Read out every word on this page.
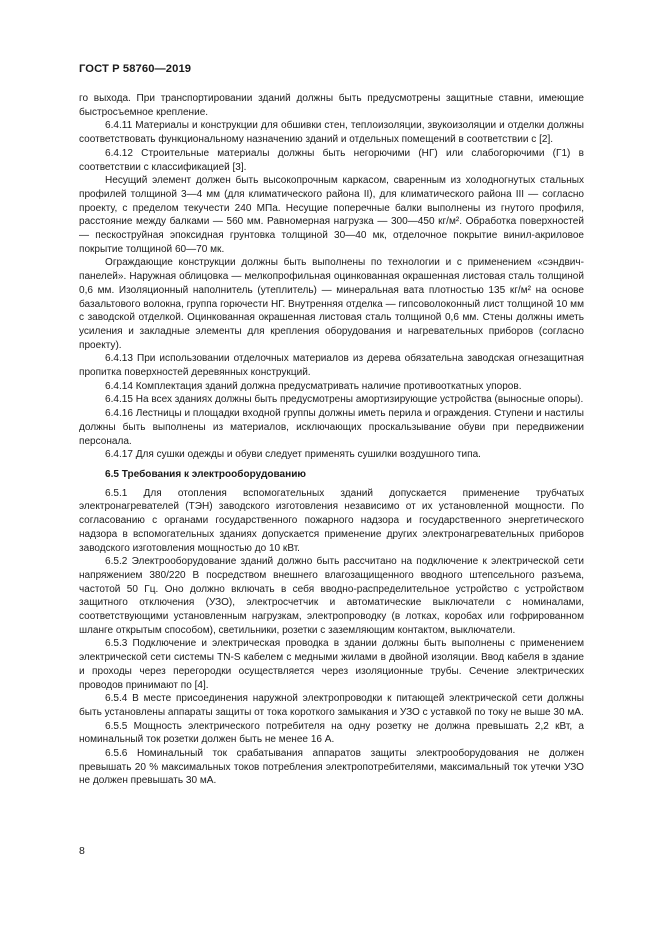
ГОСТ Р 58760—2019

го выхода. При транспортировании зданий должны быть предусмотрены защитные ставни, имеющие быстросъемное крепление.

6.4.11 Материалы и конструкции для обшивки стен, теплоизоляции, звукоизоляции и отделки должны соответствовать функциональному назначению зданий и отдельных помещений в соответствии с [2].

6.4.12 Строительные материалы должны быть негорючими (НГ) или слабогорючими (Г1) в соответствии с классификацией [3].

Несущий элемент должен быть высокопрочным каркасом, сваренным из холодногнутых стальных профилей толщиной 3—4 мм (для климатического района II), для климатического района III — согласно проекту, с пределом текучести 240 МПа. Несущие поперечные балки выполнены из гнутого профиля, расстояние между балками — 560 мм. Равномерная нагрузка — 300—450 кг/м². Обработка поверхностей — пескоструйная эпоксидная грунтовка толщиной 30—40 мк, отделочное покрытие винил-акриловое покрытие толщиной 60—70 мк.

Ограждающие конструкции должны быть выполнены по технологии и с применением «сэндвич-панелей». Наружная облицовка — мелкопрофильная оцинкованная окрашенная листовая сталь толщиной 0,6 мм. Изоляционный наполнитель (утеплитель) — минеральная вата плотностью 135 кг/м² на основе базальтового волокна, группа горючести НГ. Внутренняя отделка — гипсоволоконный лист толщиной 10 мм с заводской отделкой. Оцинкованная окрашенная листовая сталь толщиной 0,6 мм. Стены должны иметь усиления и закладные элементы для крепления оборудования и нагревательных приборов (согласно проекту).

6.4.13 При использовании отделочных материалов из дерева обязательна заводская огнезащитная пропитка поверхностей деревянных конструкций.

6.4.14 Комплектация зданий должна предусматривать наличие противооткатных упоров.

6.4.15 На всех зданиях должны быть предусмотрены амортизирующие устройства (выносные опоры).

6.4.16 Лестницы и площадки входной группы должны иметь перила и ограждения. Ступени и настилы должны быть выполнены из материалов, исключающих проскальзывание обуви при передвижении персонала.

6.4.17 Для сушки одежды и обуви следует применять сушилки воздушного типа.

6.5 Требования к электрооборудованию

6.5.1 Для отопления вспомогательных зданий допускается применение трубчатых электронагревателей (ТЭН) заводского изготовления независимо от их установленной мощности. По согласованию с органами государственного пожарного надзора и государственного энергетического надзора в вспомогательных зданиях допускается применение других электронагревательных приборов заводского изготовления мощностью до 10 кВт.

6.5.2 Электрооборудование зданий должно быть рассчитано на подключение к электрической сети напряжением 380/220 В посредством внешнего влагозащищенного вводного штепсельного разъема, частотой 50 Гц. Оно должно включать в себя вводно-распределительное устройство с устройством защитного отключения (УЗО), электросчетчик и автоматические выключатели с номиналами, соответствующими установленным нагрузкам, электропроводку (в лотках, коробах или гофрированном шланге открытым способом), светильники, розетки с заземляющим контактом, выключатели.

6.5.3 Подключение и электрическая проводка в здании должны быть выполнены с применением электрической сети системы TN-S кабелем с медными жилами в двойной изоляции. Ввод кабеля в здание и проходы через перегородки осуществляется через изоляционные трубы. Сечение электрических проводов принимают по [4].

6.5.4 В месте присоединения наружной электропроводки к питающей электрической сети должны быть установлены аппараты защиты от тока короткого замыкания и УЗО с уставкой по току не выше 30 мА.

6.5.5 Мощность электрического потребителя на одну розетку не должна превышать 2,2 кВт, а номинальный ток розетки должен быть не менее 16 А.

6.5.6 Номинальный ток срабатывания аппаратов защиты электрооборудования не должен превышать 20 % максимальных токов потребления электропотребителями, максимальный ток утечки УЗО не должен превышать 30 мА.

8
